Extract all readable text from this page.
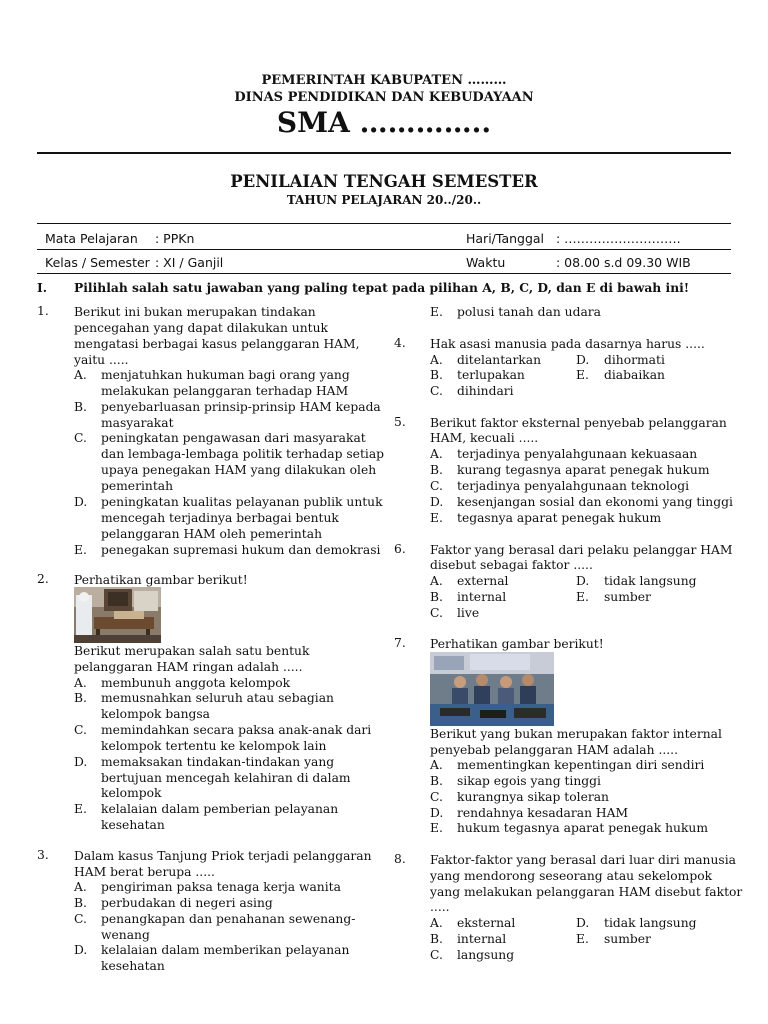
PEMERINTAH KABUPATEN ………
DINAS PENDIDIKAN DAN KEBUDAYAAN
SMA …………..
PENILAIAN TENGAH SEMESTER
TAHUN PELAJARAN 20../20..
Mata Pelajaran : PPKn	Hari/Tanggal : ……………………….
Kelas / Semester : XI / Ganjil	Waktu	: 08.00 s.d 09.30 WIB
I. Pilihlah salah satu jawaban yang paling tepat pada pilihan A, B, C, D, dan E di bawah ini!
1. Berikut ini bukan merupakan tindakan
pencegahan yang dapat dilakukan untuk
mengatasi berbagai kasus pelanggaran HAM,
yaitu .....
A. menjatuhkan hukuman bagi orang yang
melakukan pelanggaran terhadap HAM
B. penyebarluasan prinsip-prinsip HAM kepada
masyarakat
C. peningkatan pengawasan dari masyarakat
dan lembaga-lembaga politik terhadap setiap
upaya penegakan HAM yang dilakukan oleh
pemerintah
D. peningkatan kualitas pelayanan publik untuk
mencegah terjadinya berbagai bentuk
pelanggaran HAM oleh pemerintah
E. penegakan supremasi hukum dan demokrasi
2. Perhatikan gambar berikut!
Berikut merupakan salah satu bentuk
pelanggaran HAM ringan adalah .....
A. membunuh anggota kelompok
B. memusnahkan seluruh atau sebagian
kelompok bangsa
C. memindahkan secara paksa anak-anak dari
kelompok tertentu ke kelompok lain
D. memaksakan tindakan-tindakan yang
bertujuan mencegah kelahiran di dalam
kelompok
E. kelalaian dalam pemberian pelayanan
kesehatan
3. Dalam kasus Tanjung Priok terjadi pelanggaran
HAM berat berupa .....
A. pengiriman paksa tenaga kerja wanita
B. perbudakan di negeri asing
C. penangkapan dan penahanan sewenang-
wenang
D. kelalaian dalam memberikan pelayanan
kesehatan
E. polusi tanah dan udara
4. Hak asasi manusia pada dasarnya harus .....
A. ditelantarkan	D. dihormati
B. terlupakan	E. diabaikan
C. dihindari
5. Berikut faktor eksternal penyebab pelanggaran
HAM, kecuali .....
A. terjadinya penyalahgunaan kekuasaan
B. kurang tegasnya aparat penegak hukum
C. terjadinya penyalahgunaan teknologi
D. kesenjangan sosial dan ekonomi yang tinggi
E. tegasnya aparat penegak hukum
6. Faktor yang berasal dari pelaku pelanggar HAM
disebut sebagai faktor .....
A. external	D. tidak langsung
B. internal	E. sumber
C. live
7. Perhatikan gambar berikut!
Berikut yang bukan merupakan faktor internal
penyebab pelanggaran HAM adalah .....
A. mementingkan kepentingan diri sendiri
B. sikap egois yang tinggi
C. kurangnya sikap toleran
D. rendahnya kesadaran HAM
E. hukum tegasnya aparat penegak hukum
8. Faktor-faktor yang berasal dari luar diri manusia
yang mendorong seseorang atau sekelompok
yang melakukan pelanggaran HAM disebut faktor
.....
A. eksternal	D. tidak langsung
B. internal	E. sumber
C. langsung
